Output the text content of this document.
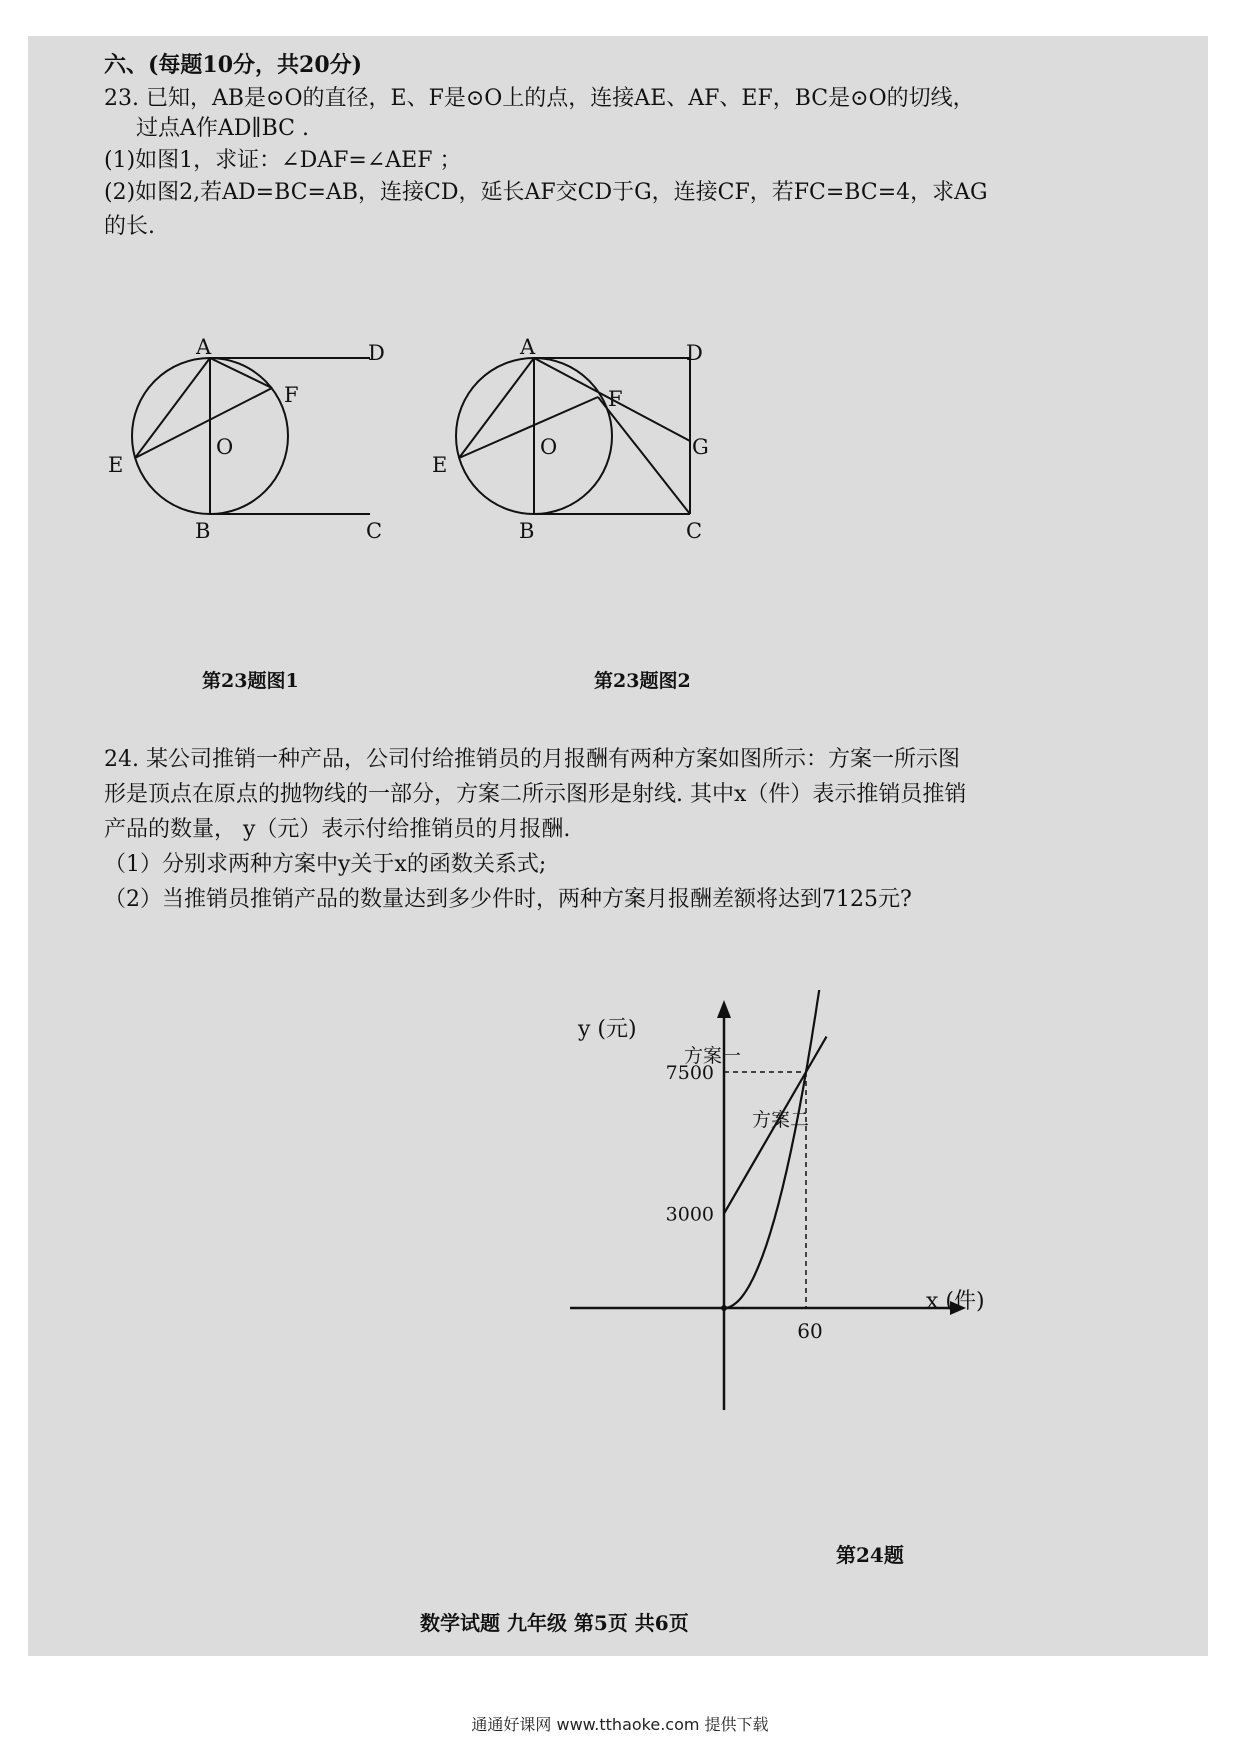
六、(每题10分，共20分)
23. 已知，AB是⊙O的直径，E、F是⊙O上的点，连接AE、AF、EF，BC是⊙O的切线，
过点A作AD∥BC .
(1)如图1，求证：∠DAF=∠AEF ；
(2)如图2,若AD=BC=AB，连接CD，延长AF交CD于G，连接CF，若FC=BC=4，求AG
的长.
A	D
F
O
E
B	C
A	D
F
O
E
G
B	C
第23题图1	第23题图2
24. 某公司推销一种产品，公司付给推销员的月报酬有两种方案如图所示：方案一所示图
形是顶点在原点的抛物线的一部分，方案二所示图形是射线. 其中x（件）表示推销员推销
产品的数量， y（元）表示付给推销员的月报酬.
（1）分别求两种方案中y关于x的函数关系式;
（2）当推销员推销产品的数量达到多少件时，两种方案月报酬差额将达到7125元?
y (元)
x (件)
3000
7500
60
方案一
方案二
第24题
数学试题 九年级 第5页 共6页
通通好课网 www.tthaoke.com 提供下载
